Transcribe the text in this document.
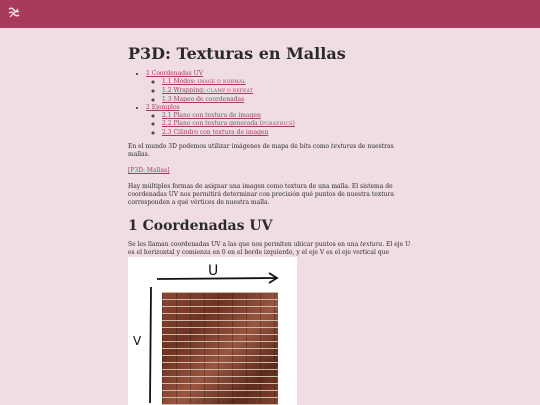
P3D: Texturas en Mallas
• 1 Coordenadas UV
◦ 1.1 Modos: IMAGE O NORMAL
◦ 1.2 Wrapping: CLAMP O REPEAT
◦ 1.3 Mapeo de coordenadas
• 2 Ejemplos
◦ 2.1 Plano con textura de imagen
◦ 2.2 Plano con textura generada (PGRAPHICS)
◦ 2.3 Cilindro con textura de imagen

En el mundo 3D podemos utilizar imágenes de mapa de bits como texturas de nuestras mallas.

[P3D: Mallas]

Hay múltiples formas de asignar una imagen como textura de una malla. El sistema de coordenadas UV nos permitirá determinar con precisión qué puntos de nuestra textura corresponden a qué vértices de nuestra malla.

1 Coordenadas UV

Se les llaman coordenadas UV a las que nos permiten ubicar puntos en una textura. El eje U es el horizontal y comienza en 0 en el borde izquierdo, y el eje V es el eje vertical que

U
V
